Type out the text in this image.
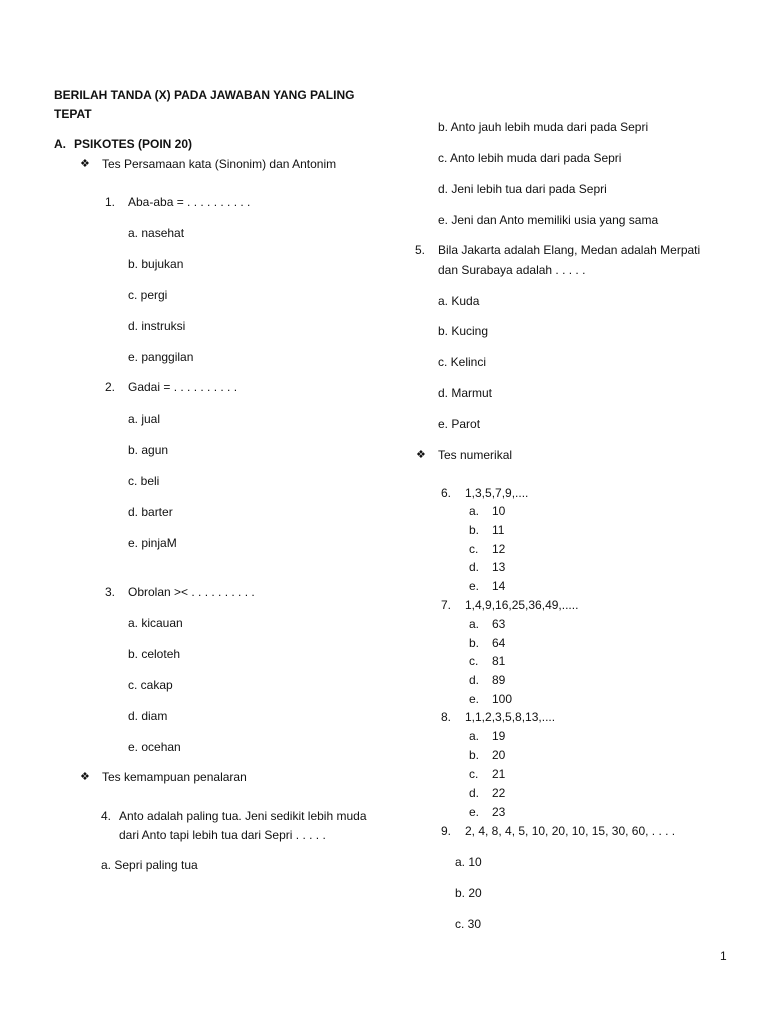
BERILAH TANDA (X) PADA JAWABAN YANG PALING
TEPAT
A. PSIKOTES (POIN 20)
❖ Tes Persamaan kata (Sinonim) dan Antonim
1. Aba-aba = . . . . . . . . . .
a. nasehat
b. bujukan
c. pergi
d. instruksi
e. panggilan
2. Gadai = . . . . . . . . . .
a. jual
b. agun
c. beli
d. barter
e. pinjaM
3. Obrolan >< . . . . . . . . . .
a. kicauan
b. celoteh
c. cakap
d. diam
e. ocehan
❖ Tes kemampuan penalaran
4. Anto adalah paling tua. Jeni sedikit lebih muda
dari Anto tapi lebih tua dari Sepri . . . . .
a. Sepri paling tua
b. Anto jauh lebih muda dari pada Sepri
c. Anto lebih muda dari pada Sepri
d. Jeni lebih tua dari pada Sepri
e. Jeni dan Anto memiliki usia yang sama
5. Bila Jakarta adalah Elang, Medan adalah Merpati
dan Surabaya adalah . . . . .
a. Kuda
b. Kucing
c. Kelinci
d. Marmut
e. Parot
❖ Tes numerikal
6. 1,3,5,7,9,....
a. 10
b. 11
c. 12
d. 13
e. 14
7. 1,4,9,16,25,36,49,.....
a. 63
b. 64
c. 81
d. 89
e. 100
8. 1,1,2,3,5,8,13,....
a. 19
b. 20
c. 21
d. 22
e. 23
9. 2, 4, 8, 4, 5, 10, 20, 10, 15, 30, 60, . . . .
a. 10
b. 20
c. 30
1
